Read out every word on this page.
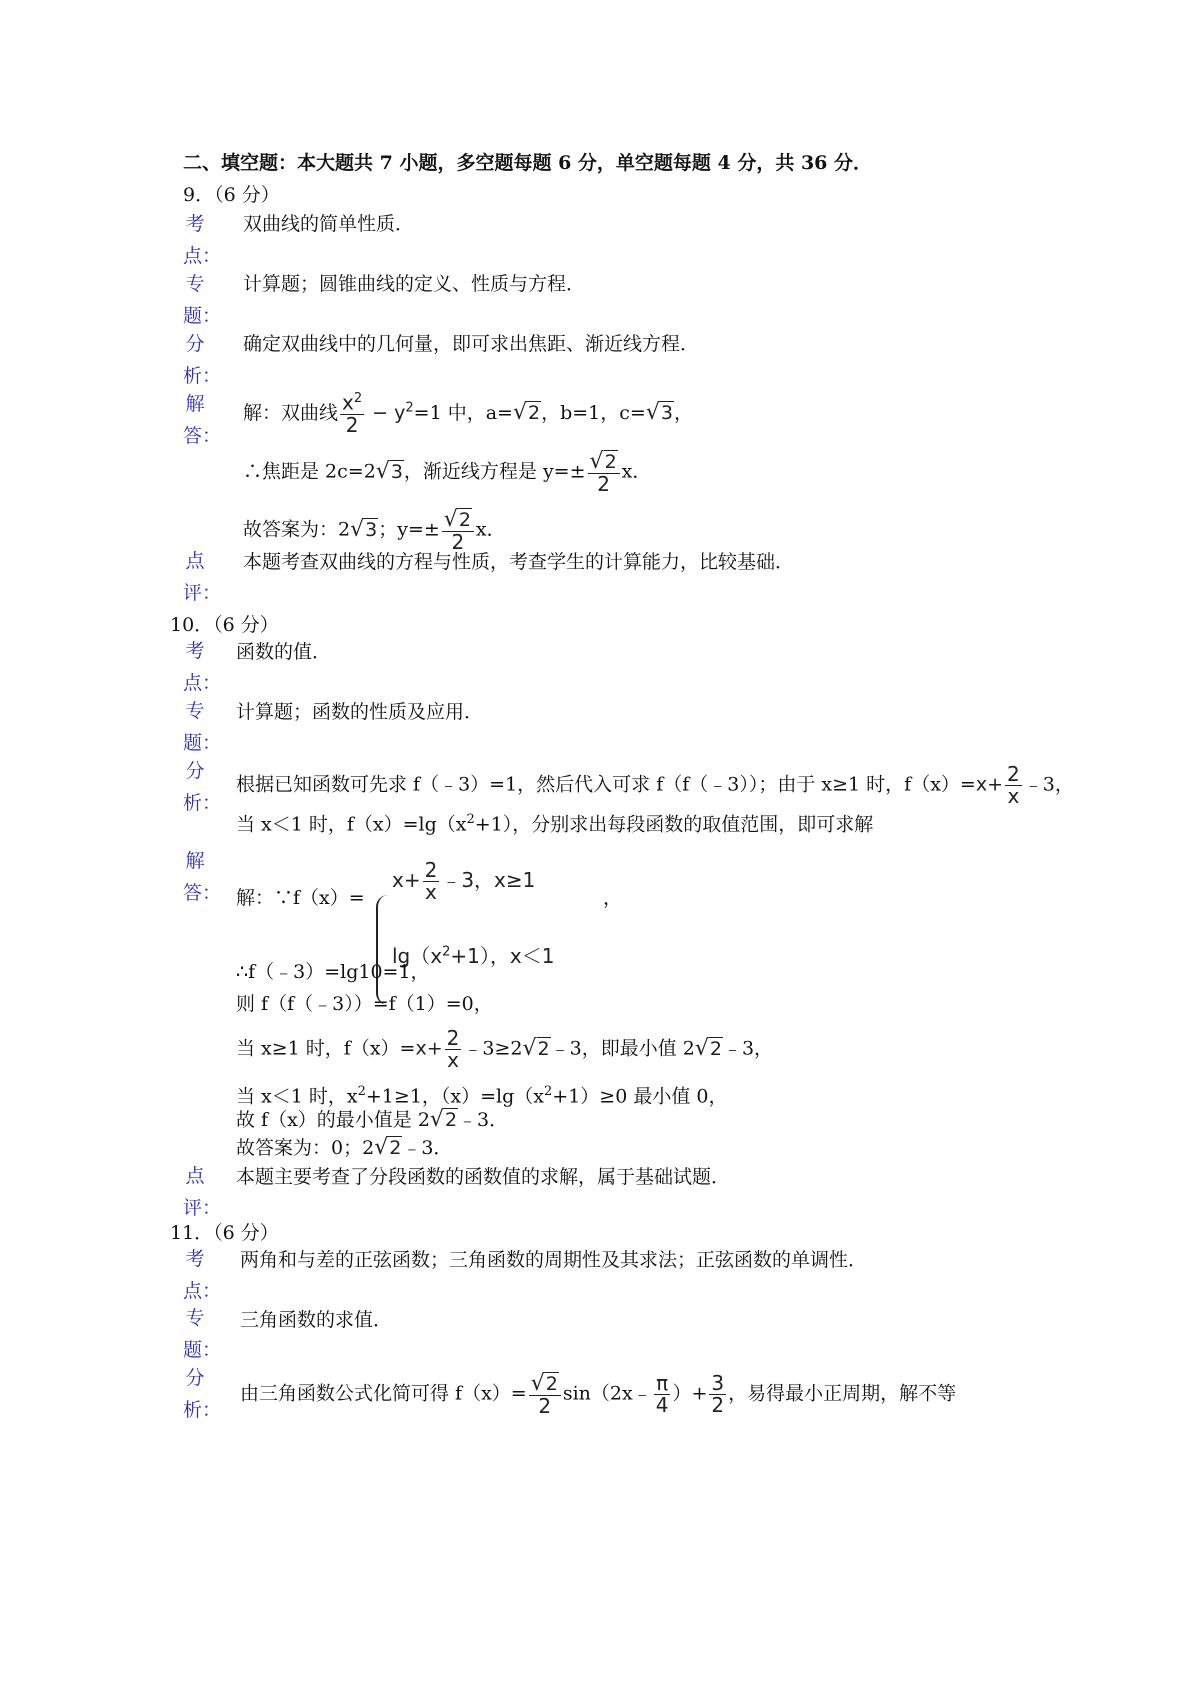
二、填空题：本大题共 7 小题，多空题每题 6 分，单空题每题 4 分，共 36 分．
9．（6 分）
考
点：
双曲线的简单性质．
专
题：
计算题；圆锥曲线的定义、性质与方程．
分
析：
确定双曲线中的几何量，即可求出焦距、渐近线方程．
解
答：
解：双曲线 $\frac{x^2}{2} - y^2=1$ 中，a=√2，b=1，c=√3，
∴焦距是 2c=2√3，渐近线方程是 $y=\pm \frac{√2}{2}$ x．
故答案为：2√3；$y=\pm \frac{√2}{2}$ x．
点
评：
本题考查双曲线的方程与性质，考查学生的计算能力，比较基础．
10．（6 分）
考
点：
函数的值．
专
题：
计算题；函数的性质及应用．
分
析：
根据已知函数可先求 f（﹣3）=1，然后代入可求 f（f（﹣3））；由于 x≥1 时，$f(x)=x+ \frac{2}{x}$ ﹣3，
当 x＜1 时，$f(x)=\lg(x^2+1)$，分别求出每段函数的取值范围，即可求解
解
答： 解：∵f（x）=
$x+ \frac{2}{x}$ ﹣3，x≥1
$\lg(x^2+1)$，x＜1
，
∴f（﹣3）=lg10=1，
则 f（f（﹣3））=f（1）=0，
当 x≥1 时，$f(x)=x+ \frac{2}{x}$ ﹣3≥2√2﹣3，即最小值 2√2﹣3，
当 x＜1 时，$x^2+1\ge 1$，$(x)=\lg(x^2+1)\ge 0$ 最小值 0，
故 f（x）的最小值是 2√2﹣3．
故答案为：0；2√2﹣3．
点
评：
本题主要考查了分段函数的函数值的求解，属于基础试题．
11．（6 分）
考
点：
两角和与差的正弦函数；三角函数的周期性及其求法；正弦函数的单调性．
专
题：
三角函数的求值．
分
析：
由三角函数公式化简可得 $f(x)= \frac{√2}{2}$ sin（2x﹣ $\frac{\pi}{4}$ ）+ $\frac{3}{2}$ ，易得最小正周期，解不等
